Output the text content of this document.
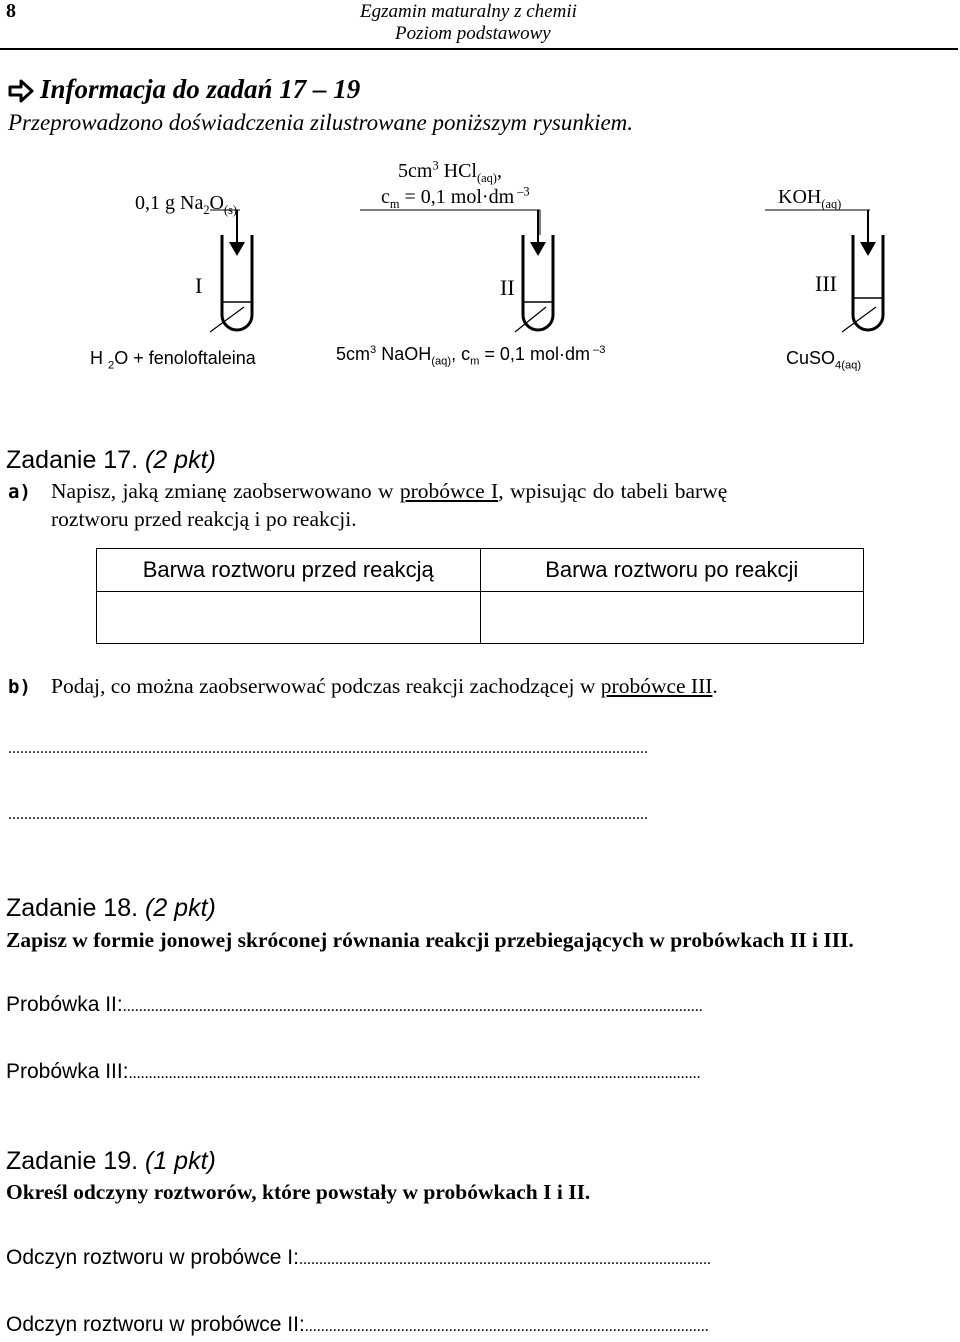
8	Egzamin maturalny z chemii
Poziom podstawowy
Informacja do zadań 17 – 19
Przeprowadzono doświadczenia zilustrowane poniższym rysunkiem.
0,1 g $Na_2O_{(s)}$
$5cm^3$ HCl$_{(aq)}$,
$c_m = 0,1$ mol·dm $^{-3}$	$KOH_{(aq)}$
I	II	III
H $_2$O + fenoloftaleina	$5cm^3$ NaOH$_{(aq)}$, $c_m = 0,1$ mol·dm $^{-3}$	CuSO$_{4(aq)}$
Zadanie 17. (2 pkt)
a) Napisz, jaką zmianę zaobserwowano w probówce I, wpisując do tabeli barwę
roztworu przed reakcją i po reakcji.
Barwa roztworu przed reakcją	Barwa roztworu po reakcji

b) Podaj, co można zaobserwować podczas reakcji zachodzącej w probówce III.
................................................................................................................................................................
................................................................................................................................................................
Zadanie 18. (2 pkt)
Zapisz w formie jonowej skróconej równania reakcji przebiegających w probówkach II i III.
Probówka II:.................................................................................................................................................
Probówka III:...............................................................................................................................................
Zadanie 19. (1 pkt)
Określ odczyny roztworów, które powstały w probówkach I i II.
Odczyn roztworu w probówce I:.......................................................................................................
Odczyn roztworu w probówce II:.....................................................................................................
